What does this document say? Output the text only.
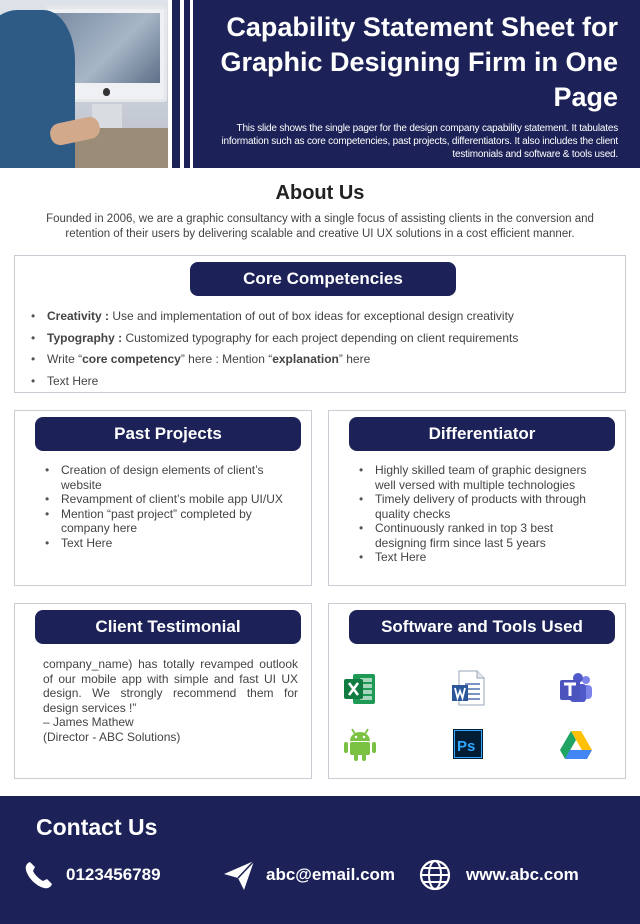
Capability Statement Sheet for Graphic Designing Firm in One Page

This slide shows the single pager for the design company capability statement. It tabulates information such as core competencies, past projects, differentiators. It also includes the client testimonials and software & tools used.

About Us
Founded in 2006, we are a graphic consultancy with a single focus of assisting clients in the conversion and retention of their users by delivering scalable and creative UI UX solutions in a cost efficient manner.
Core Competencies
• Creativity : Use and implementation of out of box ideas for exceptional design creativity
• Typography : Customized typography for each project depending on client requirements
• Write “core competency” here : Mention “explanation” here
• Text Here
Past Projects
• Creation of design elements of client’s website
• Revampment of client’s mobile app UI/UX
• Mention “past project” completed by company here
• Text Here
Differentiator
• Highly skilled team of graphic designers well versed with multiple technologies
• Timely delivery of products with through quality checks
• Continuously ranked in top 3 best designing firm since last 5 years
• Text Here
Client Testimonial
company_name) has totally revamped outlook of our mobile app with simple and fast UI UX design. We strongly recommend them for design services !”
– James Mathew
(Director - ABC Solutions)
Software and Tools Used
Ps
Contact Us
0123456789	abc@email.com	www.abc.com
